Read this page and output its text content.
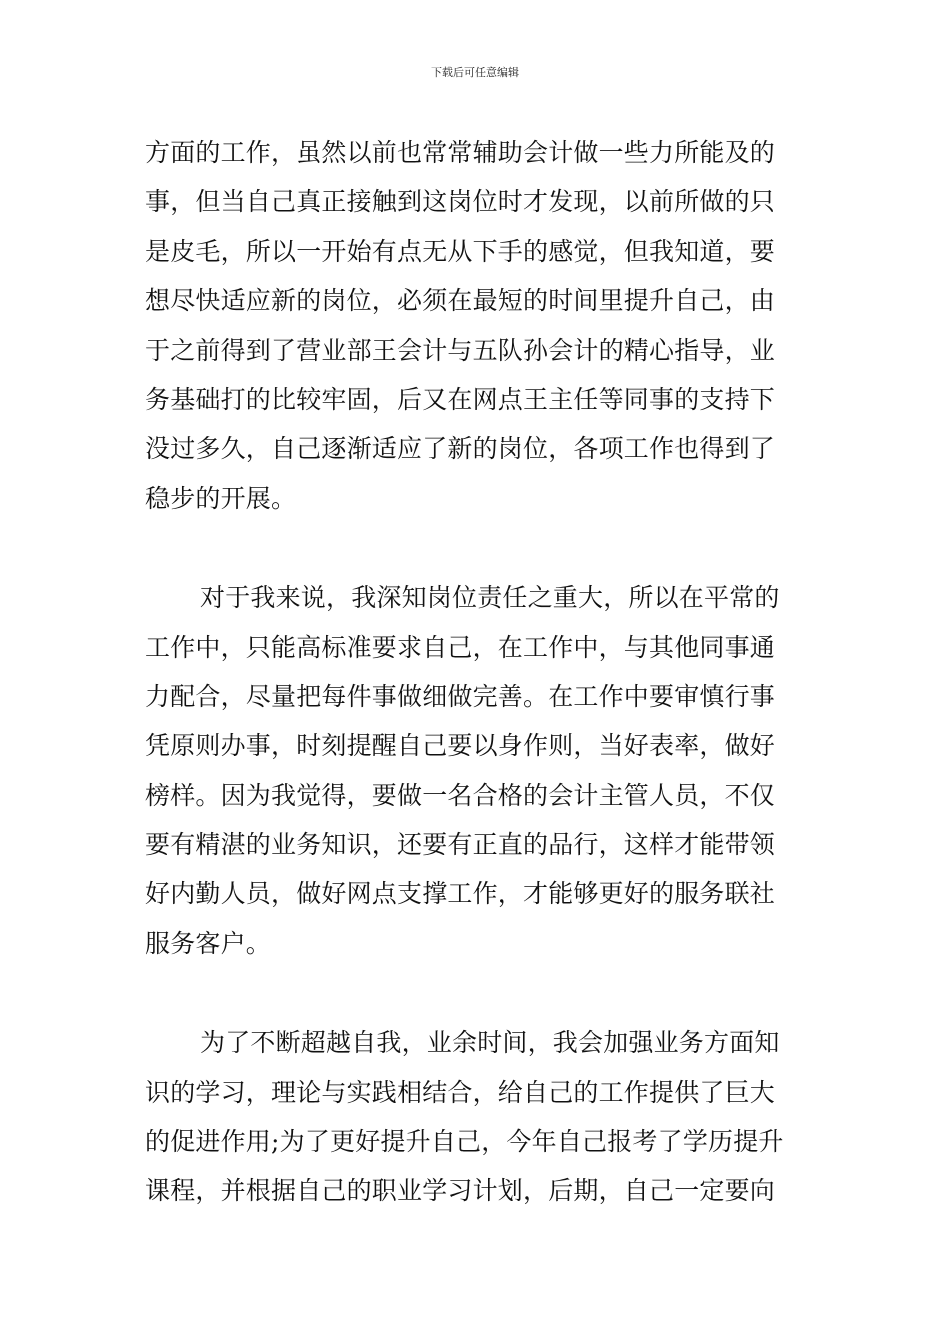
下载后可任意编辑
方面的工作，虽然以前也常常辅助会计做一些力所能及的
事，但当自己真正接触到这岗位时才发现，以前所做的只
是皮毛，所以一开始有点无从下手的感觉，但我知道，要
想尽快适应新的岗位，必须在最短的时间里提升自己，由
于之前得到了营业部王会计与五队孙会计的精心指导，业
务基础打的比较牢固，后又在网点王主任等同事的支持下
没过多久，自己逐渐适应了新的岗位，各项工作也得到了
稳步的开展。
对于我来说，我深知岗位责任之重大，所以在平常的
工作中，只能高标准要求自己，在工作中，与其他同事通
力配合，尽量把每件事做细做完善。在工作中要审慎行事
凭原则办事，时刻提醒自己要以身作则，当好表率，做好
榜样。因为我觉得，要做一名合格的会计主管人员，不仅
要有精湛的业务知识，还要有正直的品行，这样才能带领
好内勤人员，做好网点支撑工作，才能够更好的服务联社
服务客户。
为了不断超越自我，业余时间，我会加强业务方面知
识的学习，理论与实践相结合，给自己的工作提供了巨大
的促进作用;为了更好提升自己，今年自己报考了学历提升
课程，并根据自己的职业学习计划，后期，自己一定要向
